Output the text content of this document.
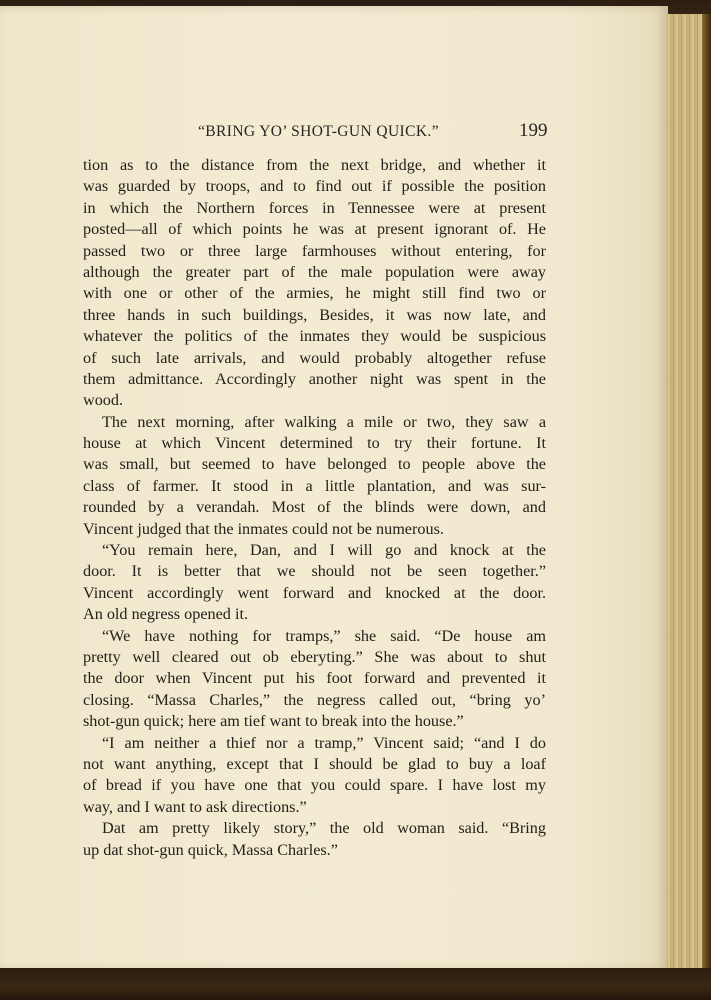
“BRING YO’ SHOT-GUN QUICK.”	199
tion as to the distance from the next bridge, and whether it
was guarded by troops, and to find out if possible the position
in which the Northern forces in Tennessee were at present
posted—all of which points he was at present ignorant of. He
passed two or three large farmhouses without entering, for
although the greater part of the male population were away
with one or other of the armies, he might still find two or
three hands in such buildings, Besides, it was now late, and
whatever the politics of the inmates they would be suspicious
of such late arrivals, and would probably altogether refuse
them admittance. Accordingly another night was spent in the
wood.
The next morning, after walking a mile or two, they saw a
house at which Vincent determined to try their fortune. It
was small, but seemed to have belonged to people above the
class of farmer. It stood in a little plantation, and was sur-
rounded by a verandah. Most of the blinds were down, and
Vincent judged that the inmates could not be numerous.
“You remain here, Dan, and I will go and knock at the
door. It is better that we should not be seen together.”
Vincent accordingly went forward and knocked at the door.
An old negress opened it.
“We have nothing for tramps,” she said. “De house am
pretty well cleared out ob eberyting.” She was about to shut
the door when Vincent put his foot forward and prevented it
closing. “Massa Charles,” the negress called out, “bring yo’
shot-gun quick; here am tief want to break into the house.”
“I am neither a thief nor a tramp,” Vincent said; “and I do
not want anything, except that I should be glad to buy a loaf
of bread if you have one that you could spare. I have lost my
way, and I want to ask directions.”
Dat am pretty likely story,” the old woman said. “Bring
up dat shot-gun quick, Massa Charles.”
